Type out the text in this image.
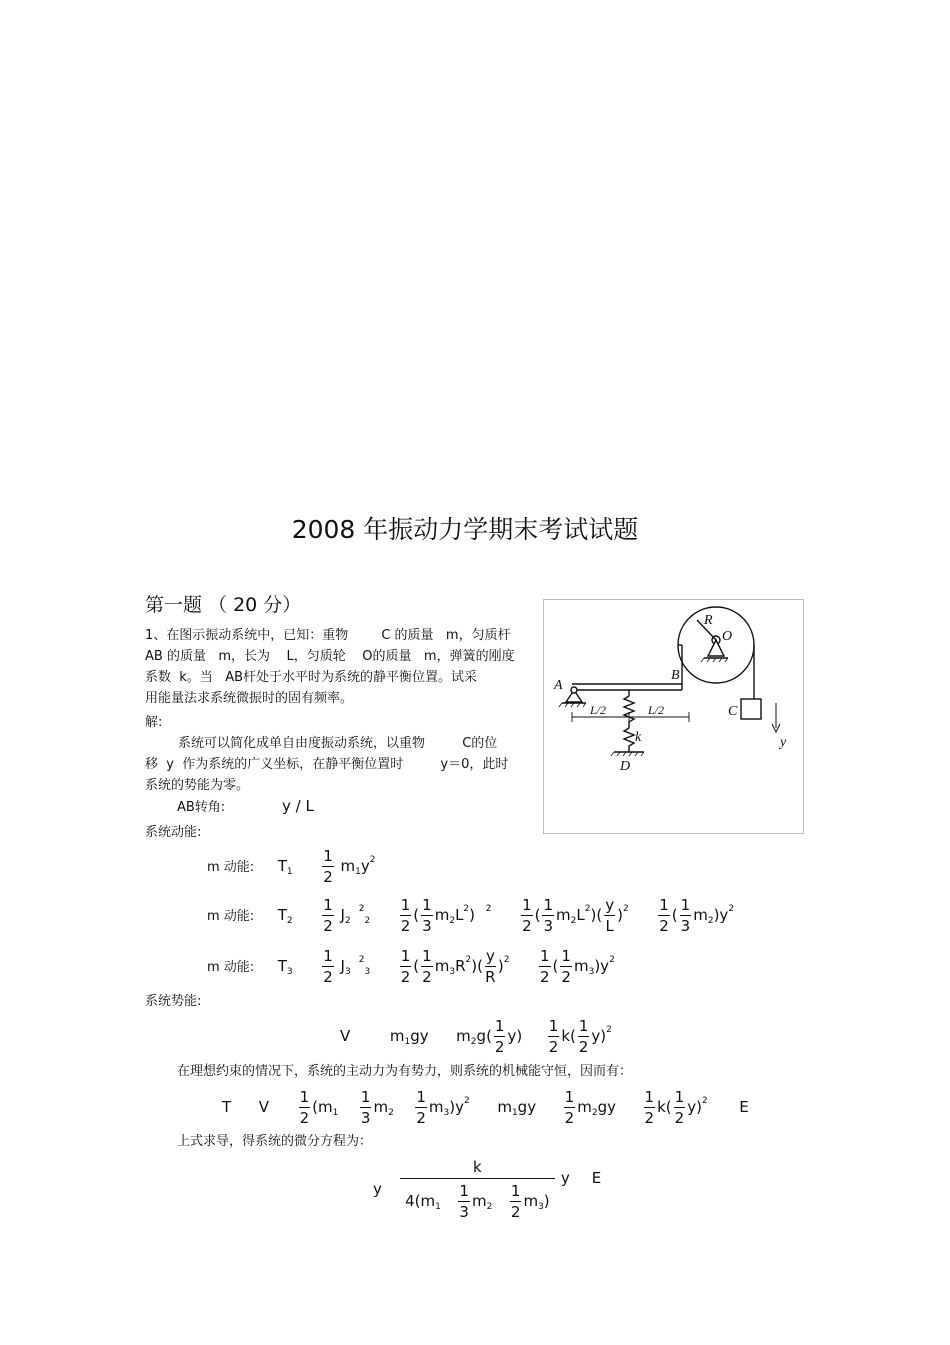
2008 年振动力学期末考试试题
第一题 （ 20 分）
1、在图示振动系统中，已知：重物        C 的质量   m，匀质杆
AB 的质量   m，长为    L，匀质轮    O的质量   m，弹簧的刚度
系数  k。当   AB杆处于水平时为系统的静平衡位置。试采
用能量法求系统微振时的固有频率。
解:
系统可以简化成单自由度振动系统，以重物         C的位
移  y  作为系统的广义坐标，在静平衡位置时         y＝0，此时
系统的势能为零。
AB转角:	y / L
系统动能:
A
B
C
D
R
O
k	y
L/2	L/2
m 动能: $T_1 \frac{1}{2} m_1y^2$
m 动能: $T_2 \frac{1}{2} J_2^2_2 \frac{1}{2}$ ( $\frac{1}{3} m_2L^2$) $^2 \frac{1}{2}$ ( $\frac{1}{3} m_2L^2)( \frac{y}{L} )^2 \frac{1}{2}$ ( $\frac{1}{3} m_2)y^2$
m 动能: $T_3 \frac{1}{2} J_3^2_3 \frac{1}{2}$ ( $\frac{1}{2} m_3R^2)( \frac{y}{R} )^2 \frac{1}{2}$ ( $\frac{1}{2} m_3)y^2$
系统势能:
V	$m_1gy$ $m_2g( \frac{1}{2} y) \frac{1}{2} k( \frac{1}{2} y)^2$
在理想约束的情况下，系统的主动力为有势力，则系统的机械能守恒，因而有：
T V $\frac{1}{2} (m_1 \frac{1}{3} m_2 \frac{1}{2} m_3)y^2$ $m_1gy \frac{1}{2} m_2gy \frac{1}{2} k( \frac{1}{2} y)^2$ E
上式求导，得系统的微分方程为：
y
k
$4(m_1 \frac{1}{3} m_2 \frac{1}{2} m_3)$
y E
